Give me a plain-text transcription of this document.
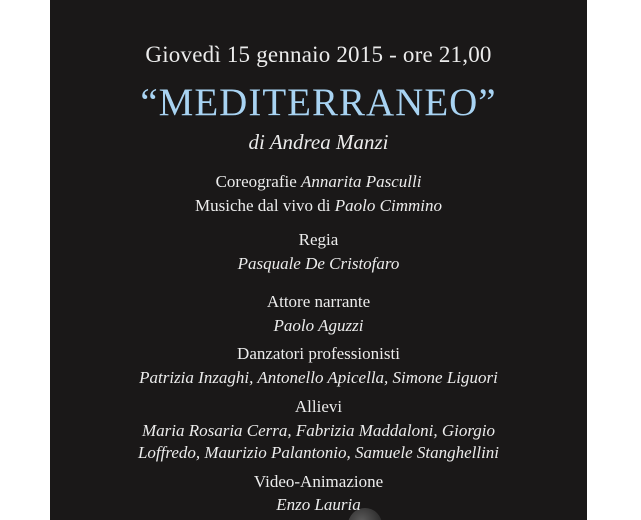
Giovedì 15 gennaio 2015 - ore 21,00

“MEDITERRANEO”

di Andrea Manzi

Coreografie Annarita Pasculli

Musiche dal vivo di Paolo Cimmino

Regia

Pasquale De Cristofaro

Attore narrante

Paolo Aguzzi

Danzatori professionisti

Patrizia Inzaghi, Antonello Apicella, Simone Liguori

Allievi

Maria Rosaria Cerra, Fabrizia Maddaloni, Giorgio

Loffredo, Maurizio Palantonio, Samuele Stanghellini

Video-Animazione

Enzo Lauria
